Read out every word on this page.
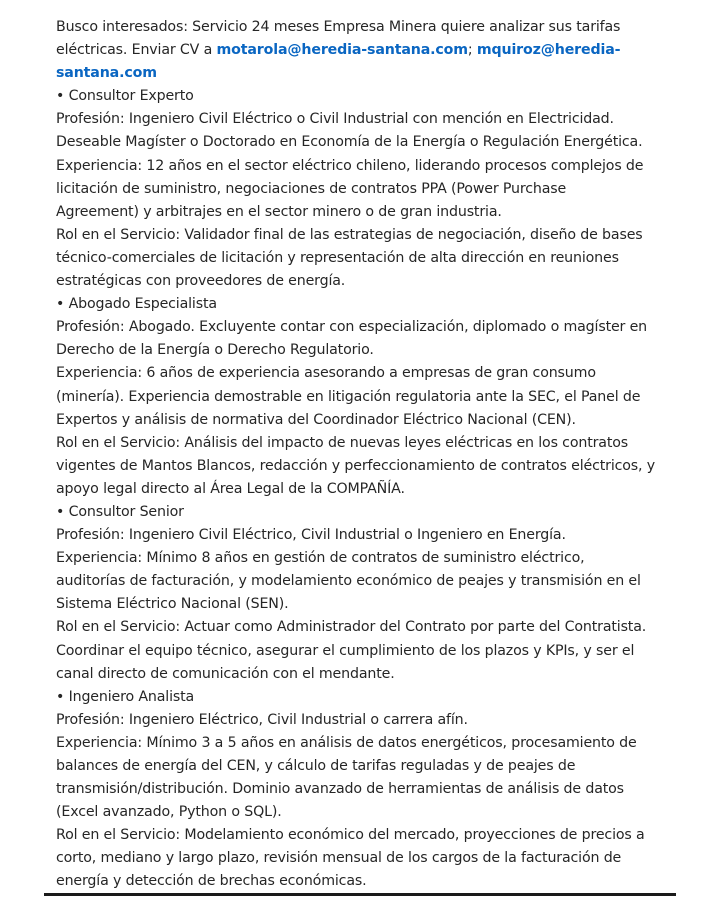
Busco interesados: Servicio 24 meses Empresa Minera quiere analizar sus tarifas
eléctricas. Enviar CV a motarola@heredia-santana.com; mquiroz@heredia-
santana.com
• Consultor Experto
Profesión: Ingeniero Civil Eléctrico o Civil Industrial con mención en Electricidad.
Deseable Magíster o Doctorado en Economía de la Energía o Regulación Energética.
Experiencia: 12 años en el sector eléctrico chileno, liderando procesos complejos de
licitación de suministro, negociaciones de contratos PPA (Power Purchase
Agreement) y arbitrajes en el sector minero o de gran industria.
Rol en el Servicio: Validador final de las estrategias de negociación, diseño de bases
técnico-comerciales de licitación y representación de alta dirección en reuniones
estratégicas con proveedores de energía.
• Abogado Especialista
Profesión: Abogado. Excluyente contar con especialización, diplomado o magíster en
Derecho de la Energía o Derecho Regulatorio.
Experiencia: 6 años de experiencia asesorando a empresas de gran consumo
(minería). Experiencia demostrable en litigación regulatoria ante la SEC, el Panel de
Expertos y análisis de normativa del Coordinador Eléctrico Nacional (CEN).
Rol en el Servicio: Análisis del impacto de nuevas leyes eléctricas en los contratos
vigentes de Mantos Blancos, redacción y perfeccionamiento de contratos eléctricos, y
apoyo legal directo al Área Legal de la COMPAÑÍA.
• Consultor Senior
Profesión: Ingeniero Civil Eléctrico, Civil Industrial o Ingeniero en Energía.
Experiencia: Mínimo 8 años en gestión de contratos de suministro eléctrico,
auditorías de facturación, y modelamiento económico de peajes y transmisión en el
Sistema Eléctrico Nacional (SEN).
Rol en el Servicio: Actuar como Administrador del Contrato por parte del Contratista.
Coordinar el equipo técnico, asegurar el cumplimiento de los plazos y KPIs, y ser el
canal directo de comunicación con el mendante.
• Ingeniero Analista
Profesión: Ingeniero Eléctrico, Civil Industrial o carrera afín.
Experiencia: Mínimo 3 a 5 años en análisis de datos energéticos, procesamiento de
balances de energía del CEN, y cálculo de tarifas reguladas y de peajes de
transmisión/distribución. Dominio avanzado de herramientas de análisis de datos
(Excel avanzado, Python o SQL).
Rol en el Servicio: Modelamiento económico del mercado, proyecciones de precios a
corto, mediano y largo plazo, revisión mensual de los cargos de la facturación de
energía y detección de brechas económicas.
